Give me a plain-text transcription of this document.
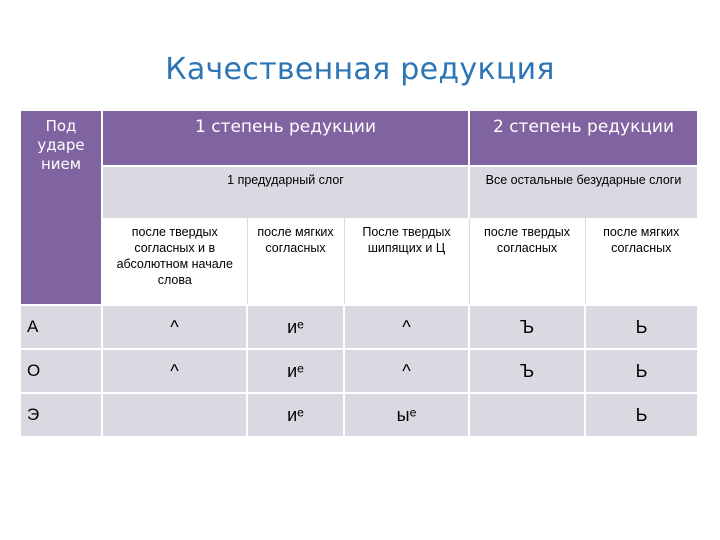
Качественная редукция
Под ударе нием	1 степень редукции			2 степень редукции	
	1 предударный слог			Все остальные безударные слоги	
	после твердых согласных и в абсолютном начале слова	после мягких согласных	После твердых шипящих и Ц	после твердых согласных	после мягких согласных
А	^	иᵉ	^	Ъ	Ь
О	^	иᵉ	^	Ъ	Ь
Э		иᵉ	ыᵉ		Ь
